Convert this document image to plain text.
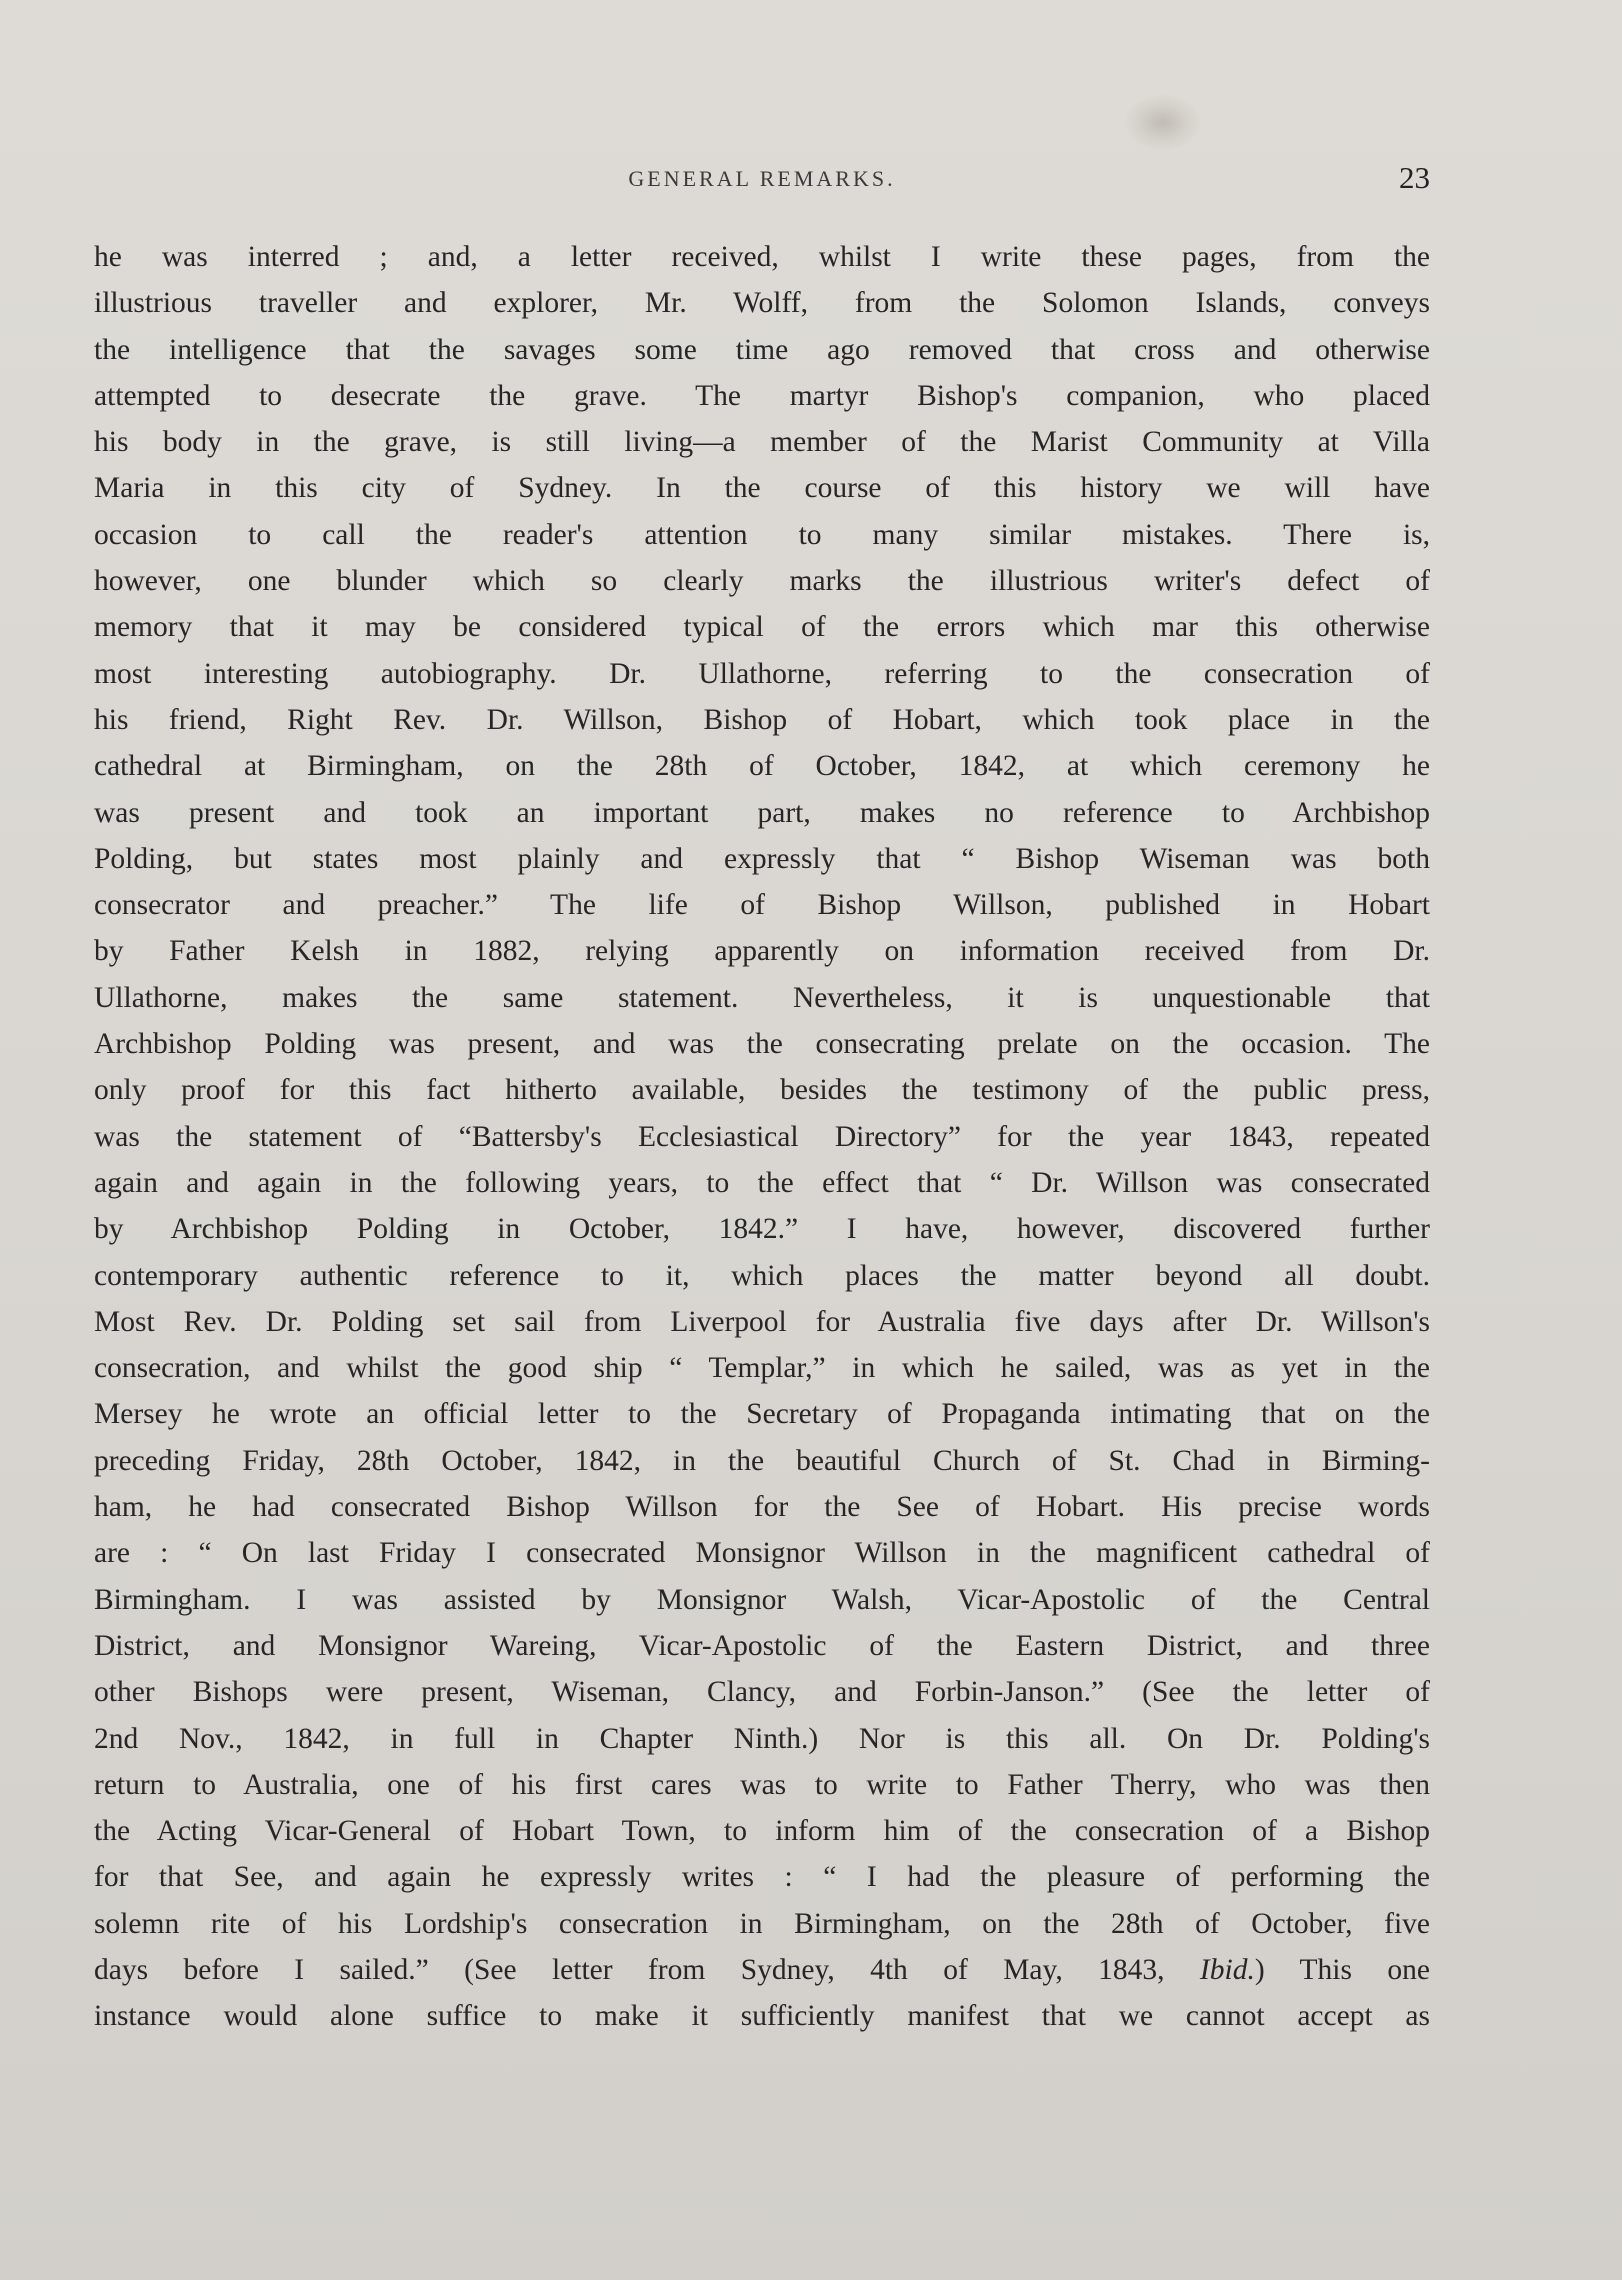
GENERAL REMARKS.	23
he was interred ; and, a letter received, whilst I write these pages, from the
illustrious traveller and explorer, Mr. Wolff, from the Solomon Islands, conveys
the intelligence that the savages some time ago removed that cross and otherwise
attempted to desecrate the grave. The martyr Bishop's companion, who placed
his body in the grave, is still living—a member of the Marist Community at Villa
Maria in this city of Sydney. In the course of this history we will have
occasion to call the reader's attention to many similar mistakes. There is,
however, one blunder which so clearly marks the illustrious writer's defect of
memory that it may be considered typical of the errors which mar this otherwise
most interesting autobiography. Dr. Ullathorne, referring to the consecration of
his friend, Right Rev. Dr. Willson, Bishop of Hobart, which took place in the
cathedral at Birmingham, on the 28th of October, 1842, at which ceremony he
was present and took an important part, makes no reference to Archbishop
Polding, but states most plainly and expressly that “ Bishop Wiseman was both
consecrator and preacher.” The life of Bishop Willson, published in Hobart
by Father Kelsh in 1882, relying apparently on information received from Dr.
Ullathorne, makes the same statement. Nevertheless, it is unquestionable that
Archbishop Polding was present, and was the consecrating prelate on the occasion. The
only proof for this fact hitherto available, besides the testimony of the public press,
was the statement of “Battersby's Ecclesiastical Directory” for the year 1843, repeated
again and again in the following years, to the effect that “ Dr. Willson was consecrated
by Archbishop Polding in October, 1842.” I have, however, discovered further
contemporary authentic reference to it, which places the matter beyond all doubt.
Most Rev. Dr. Polding set sail from Liverpool for Australia five days after Dr. Willson's
consecration, and whilst the good ship “ Templar,” in which he sailed, was as yet in the
Mersey he wrote an official letter to the Secretary of Propaganda intimating that on the
preceding Friday, 28th October, 1842, in the beautiful Church of St. Chad in Birming-
ham, he had consecrated Bishop Willson for the See of Hobart. His precise words
are : “ On last Friday I consecrated Monsignor Willson in the magnificent cathedral of
Birmingham. I was assisted by Monsignor Walsh, Vicar-Apostolic of the Central
District, and Monsignor Wareing, Vicar-Apostolic of the Eastern District, and three
other Bishops were present, Wiseman, Clancy, and Forbin-Janson.” (See the letter of
2nd Nov., 1842, in full in Chapter Ninth.) Nor is this all. On Dr. Polding's
return to Australia, one of his first cares was to write to Father Therry, who was then
the Acting Vicar-General of Hobart Town, to inform him of the consecration of a Bishop
for that See, and again he expressly writes : “ I had the pleasure of performing the
solemn rite of his Lordship's consecration in Birmingham, on the 28th of October, five
days before I sailed.” (See letter from Sydney, 4th of May, 1843, Ibid.) This one
instance would alone suffice to make it sufficiently manifest that we cannot accept as
